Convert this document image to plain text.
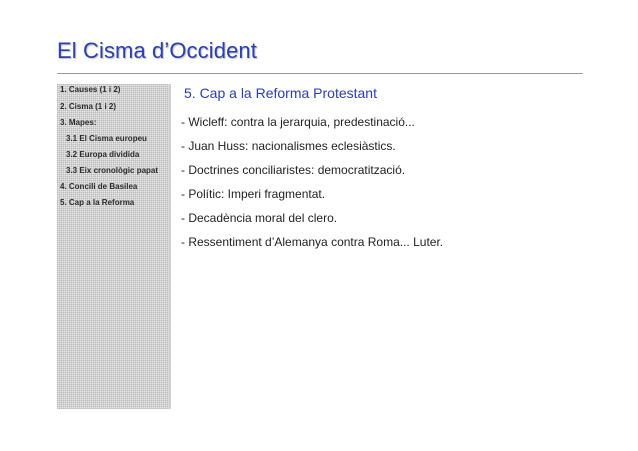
El Cisma d’Occident
1. Causes (1 i 2)
2. Cisma (1 i 2)
3. Mapes:
3.1 El Cisma europeu
3.2 Europa dividida
3.3 Eix cronològic papat
4. Concili de Basilea
5. Cap a la Reforma
5. Cap a la Reforma Protestant
- Wicleff: contra la jerarquia, predestinació...
- Juan Huss: nacionalismes eclesiàstics.
- Doctrines conciliaristes: democratització.
- Polític: Imperi fragmentat.
- Decadència moral del clero.
- Ressentiment d’Alemanya contra Roma... Luter.
